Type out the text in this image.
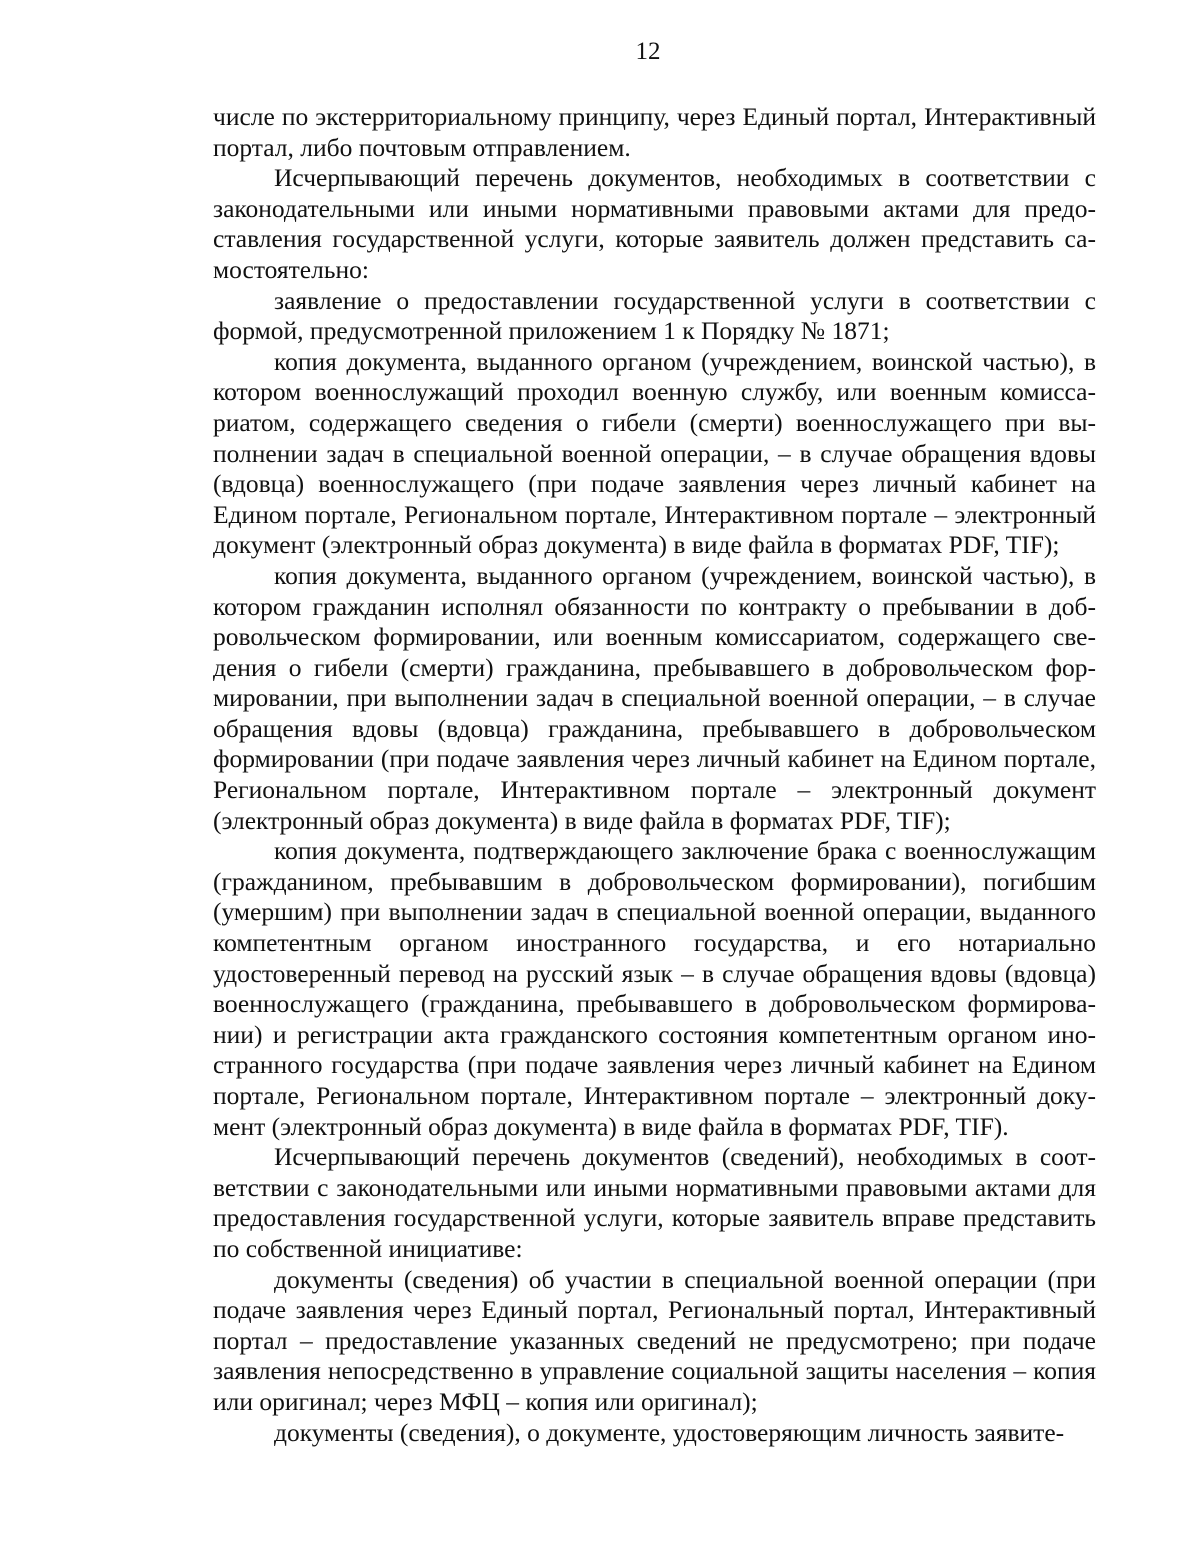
12

числе по экстерриториальному принципу, через Единый портал, Интерактивный портал, либо почтовым отправлением.

Исчерпывающий перечень документов, необходимых в соответствии с законодательными или иными нормативными правовыми актами для предоставления государственной услуги, которые заявитель должен представить самостоятельно:

заявление о предоставлении государственной услуги в соответствии с формой, предусмотренной приложением 1 к Порядку № 1871;

копия документа, выданного органом (учреждением, воинской частью), в котором военнослужащий проходил военную службу, или военным комиссариатом, содержащего сведения о гибели (смерти) военнослужащего при выполнении задач в специальной военной операции, – в случае обращения вдовы (вдовца) военнослужащего (при подаче заявления через личный кабинет на Едином портале, Региональном портале, Интерактивном портале – электронный документ (электронный образ документа) в виде файла в форматах PDF, TIF);

копия документа, выданного органом (учреждением, воинской частью), в котором гражданин исполнял обязанности по контракту о пребывании в добровольческом формировании, или военным комиссариатом, содержащего сведения о гибели (смерти) гражданина, пребывавшего в добровольческом формировании, при выполнении задач в специальной военной операции, – в случае обращения вдовы (вдовца) гражданина, пребывавшего в добровольческом формировании (при подаче заявления через личный кабинет на Едином портале, Региональном портале, Интерактивном портале – электронный документ (электронный образ документа) в виде файла в форматах PDF, TIF);

копия документа, подтверждающего заключение брака с военнослужащим (гражданином, пребывавшим в добровольческом формировании), погибшим (умершим) при выполнении задач в специальной военной операции, выданного компетентным органом иностранного государства, и его нотариально удостоверенный перевод на русский язык – в случае обращения вдовы (вдовца) военнослужащего (гражданина, пребывавшего в добровольческом формировании) и регистрации акта гражданского состояния компетентным органом иностранного государства (при подаче заявления через личный кабинет на Едином портале, Региональном портале, Интерактивном портале – электронный документ (электронный образ документа) в виде файла в форматах PDF, TIF).

Исчерпывающий перечень документов (сведений), необходимых в соответствии с законодательными или иными нормативными правовыми актами для предоставления государственной услуги, которые заявитель вправе представить по собственной инициативе:

документы (сведения) об участии в специальной военной операции (при подаче заявления через Единый портал, Региональный портал, Интерактивный портал – предоставление указанных сведений не предусмотрено; при подаче заявления непосредственно в управление социальной защиты населения – копия или оригинал; через МФЦ – копия или оригинал);

документы (сведения), о документе, удостоверяющим личность заявите-
